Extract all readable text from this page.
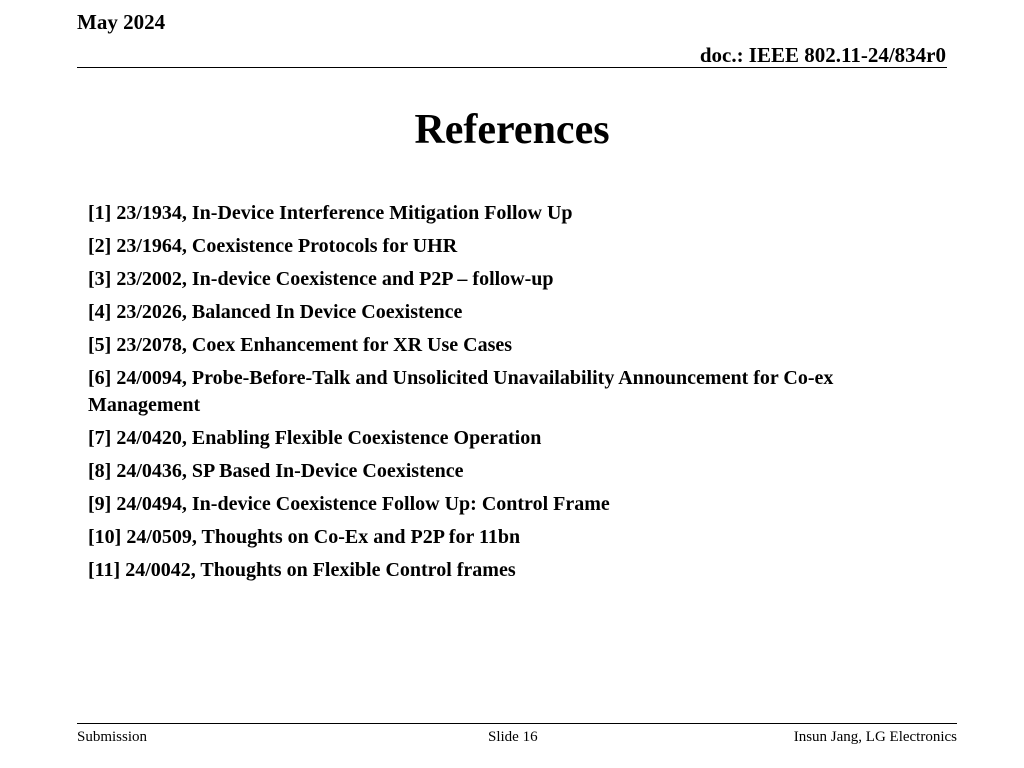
May 2024
doc.: IEEE 802.11-24/834r0
References
[1] 23/1934, In-Device Interference Mitigation Follow Up
[2] 23/1964, Coexistence Protocols for UHR
[3] 23/2002, In-device Coexistence and P2P – follow-up
[4] 23/2026, Balanced In Device Coexistence
[5] 23/2078, Coex Enhancement for XR Use Cases
[6] 24/0094, Probe-Before-Talk and Unsolicited Unavailability Announcement for Co-ex Management
[7] 24/0420, Enabling Flexible Coexistence Operation
[8] 24/0436, SP Based In-Device Coexistence
[9] 24/0494, In-device Coexistence Follow Up: Control Frame
[10] 24/0509, Thoughts on Co-Ex and P2P for 11bn
[11] 24/0042, Thoughts on Flexible Control frames
Submission	Slide 16	Insun Jang, LG Electronics
